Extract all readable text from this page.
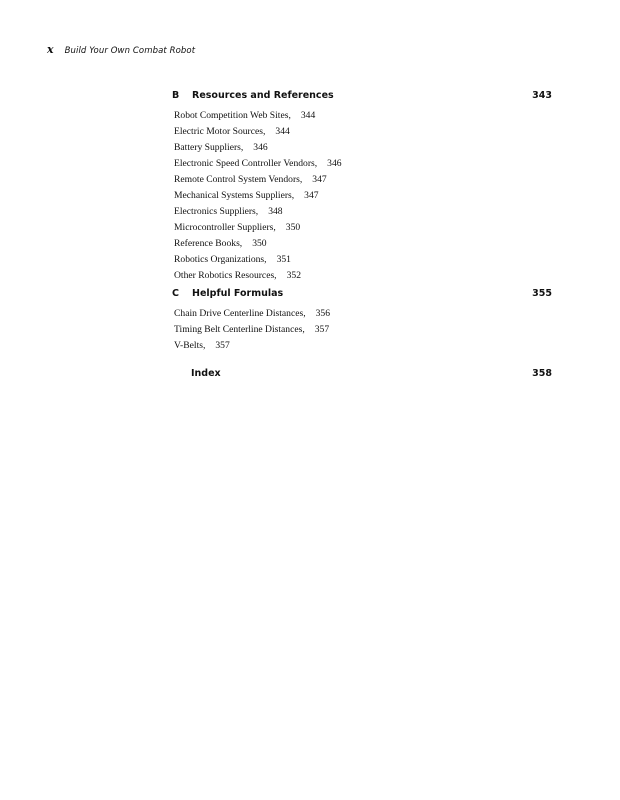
x Build Your Own Combat Robot
B	Resources and References	343
Robot Competition Web Sites, 344
Electric Motor Sources, 344
Battery Suppliers, 346
Electronic Speed Controller Vendors, 346
Remote Control System Vendors, 347
Mechanical Systems Suppliers, 347
Electronics Suppliers, 348
Microcontroller Suppliers, 350
Reference Books, 350
Robotics Organizations, 351
Other Robotics Resources, 352
C	Helpful Formulas	355
Chain Drive Centerline Distances, 356
Timing Belt Centerline Distances, 357
V-Belts, 357
Index	358
